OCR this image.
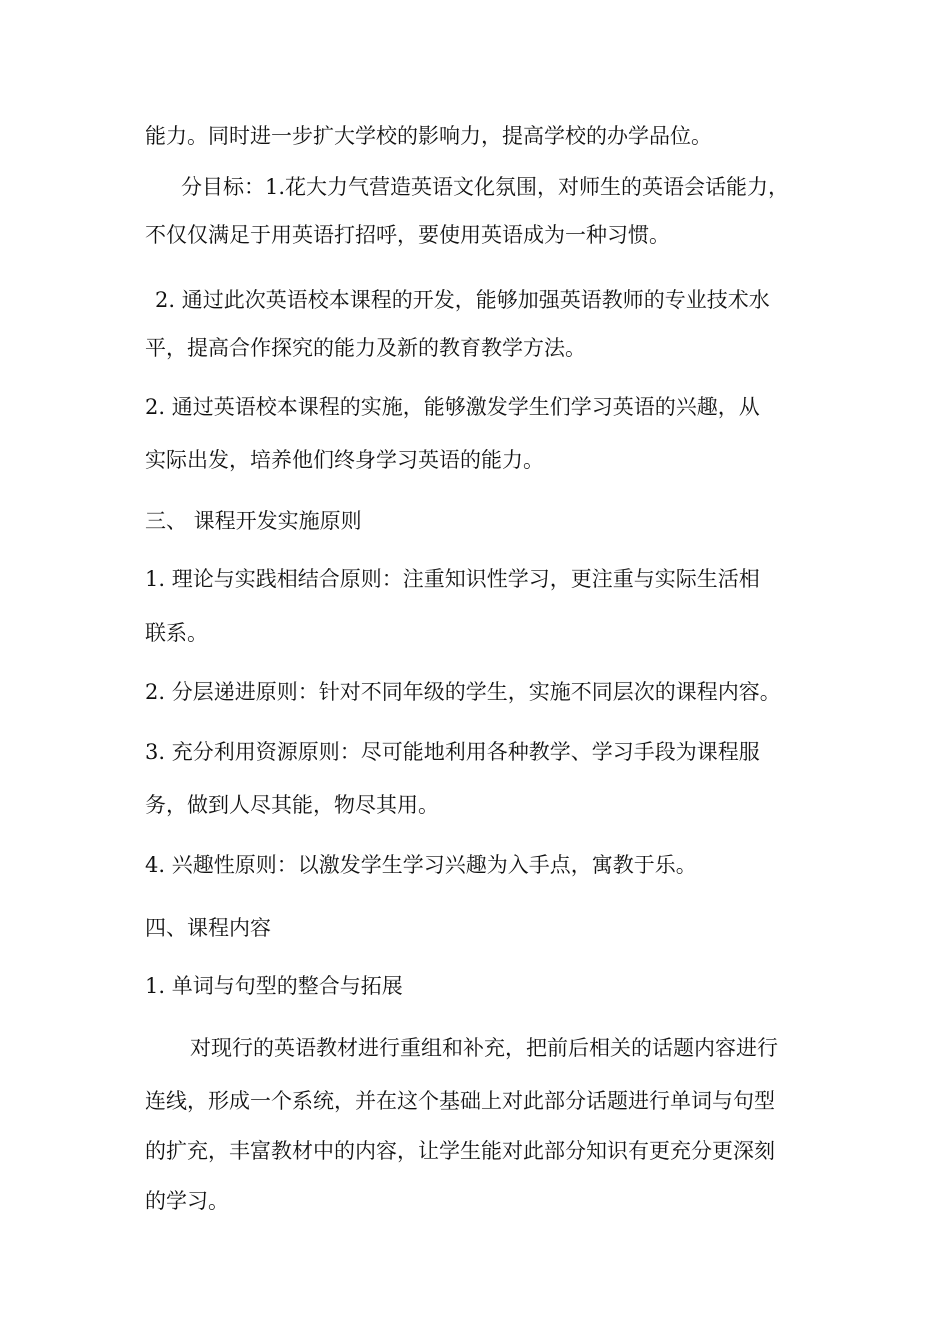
能力。同时进一步扩大学校的影响力，提高学校的办学品位。
分目标：1.花大力气营造英语文化氛围，对师生的英语会话能力，
不仅仅满足于用英语打招呼，要使用英语成为一种习惯。
2. 通过此次英语校本课程的开发，能够加强英语教师的专业技术水
平，提高合作探究的能力及新的教育教学方法。
2. 通过英语校本课程的实施，能够激发学生们学习英语的兴趣，从
实际出发，培养他们终身学习英语的能力。
三、 课程开发实施原则
1. 理论与实践相结合原则：注重知识性学习，更注重与实际生活相
联系。
2. 分层递进原则：针对不同年级的学生，实施不同层次的课程内容。
3. 充分利用资源原则：尽可能地利用各种教学、学习手段为课程服
务，做到人尽其能，物尽其用。
4. 兴趣性原则：以激发学生学习兴趣为入手点，寓教于乐。
四、课程内容
1. 单词与句型的整合与拓展
对现行的英语教材进行重组和补充，把前后相关的话题内容进行
连线，形成一个系统，并在这个基础上对此部分话题进行单词与句型
的扩充，丰富教材中的内容，让学生能对此部分知识有更充分更深刻
的学习。
